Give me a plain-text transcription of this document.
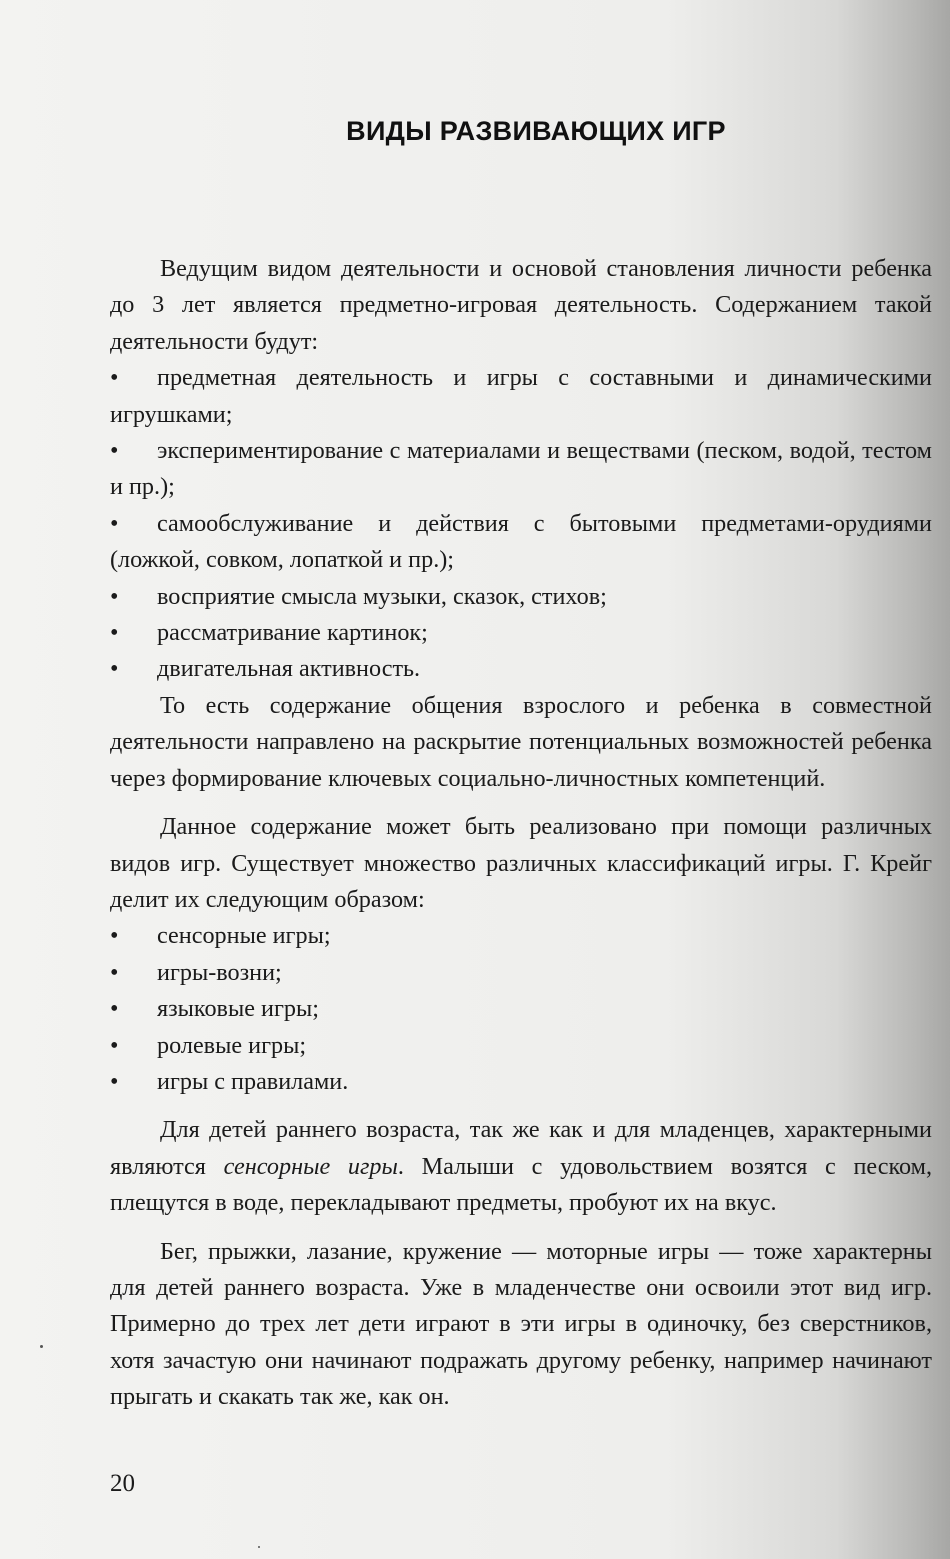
ВИДЫ РАЗВИВАЮЩИХ ИГР

Ведущим видом деятельности и основой становления личности ребенка до 3 лет является предметно-игровая деятельность. Содержанием такой деятельности будут:

• предметная деятельность и игры с составными и динамическими игрушками;

• экспериментирование с материалами и веществами (песком, водой, тестом и пр.);

• самообслуживание и действия с бытовыми предметами-орудиями (ложкой, совком, лопаткой и пр.);

• восприятие смысла музыки, сказок, стихов;

• рассматривание картинок;

• двигательная активность.

То есть содержание общения взрослого и ребенка в совместной деятельности направлено на раскрытие потенциальных возможностей ребенка через формирование ключевых социально-личностных компетенций.

Данное содержание может быть реализовано при помощи различных видов игр. Существует множество различных классификаций игры. Г. Крейг делит их следующим образом:

• сенсорные игры;

• игры-возни;

• языковые игры;

• ролевые игры;

• игры с правилами.

Для детей раннего возраста, так же как и для младенцев, характерными являются сенсорные игры. Малыши с удовольствием возятся с песком, плещутся в воде, перекладывают предметы, пробуют их на вкус.

Бег, прыжки, лазание, кружение — моторные игры — тоже характерны для детей раннего возраста. Уже в младенчестве они освоили этот вид игр. Примерно до трех лет дети играют в эти игры в одиночку, без сверстников, хотя зачастую они начинают подражать другому ребенку, например начинают прыгать и скакать так же, как он.

20
